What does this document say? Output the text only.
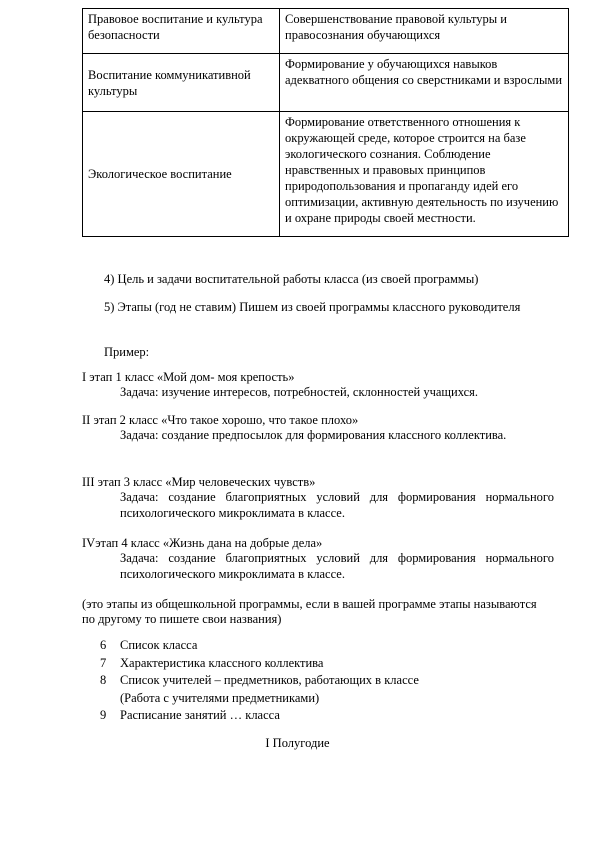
Правовое воспитание и культура безопасности	Совершенствование правовой культуры и правосознания обучающихся
Воспитание коммуникативной культуры	Формирование у обучающихся навыков адекватного общения со сверстниками и взрослыми
Экологическое воспитание	Формирование ответственного отношения к окружающей среде, которое строится на базе экологического сознания. Соблюдение нравственных и правовых принципов природопользования и пропаганду идей его оптимизации, активную деятельность по изучению и охране природы своей местности.
4) Цель и задачи воспитательной работы класса (из своей программы)
5) Этапы (год не ставим) Пишем из своей программы классного руководителя
Пример:
I этап 1 класс «Мой дом- моя крепость»
Задача: изучение интересов, потребностей, склонностей учащихся.
II этап 2 класс «Что такое хорошо, что такое плохо»
Задача: создание предпосылок для формирования классного коллектива.
III этап 3 класс «Мир человеческих чувств»
Задача: создание благоприятных условий для формирования нормального психологического микроклимата в классе.
IVэтап 4 класс «Жизнь дана на добрые дела»
Задача: создание благоприятных условий для формирования нормального психологического микроклимата в классе.
(это этапы из общешкольной программы, если в вашей программе этапы называются по другому то пишете свои названия)
6	Список класса
7	Характеристика классного коллектива
8	Список учителей – предметников, работающих в классе
(Работа с учителями предметниками)
9	Расписание занятий … класса
I Полугодие
